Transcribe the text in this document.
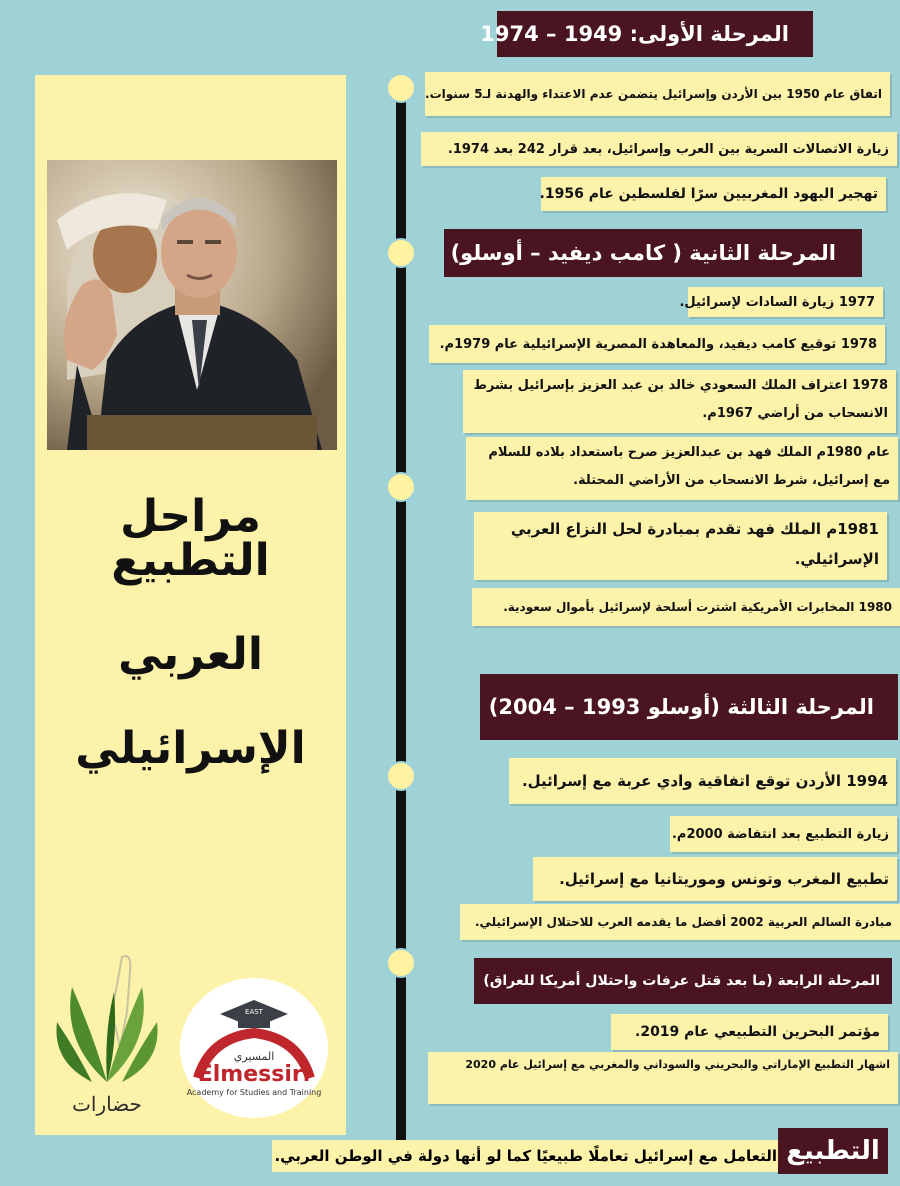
مراحل التطبيع
العربي
الإسرائيلي
حضارات
EAST
المسيري
Elmessiri
Academy for Studies and Training
المرحلة الأولى: 1949 – 1974
المرحلة الثانية ( كامب ديفيد – أوسلو)
المرحلة الثالثة (أوسلو 1993 – 2004)
المرحلة الرابعة (ما بعد قتل عرفات واحتلال أمريكا للعراق)
اتفاق عام 1950 بين الأردن وإسرائيل يتضمن عدم الاعتداء والهدنة لـ5 سنوات.
زيارة الاتصالات السرية بين العرب وإسرائيل، بعد قرار 242 بعد 1974.
تهجير اليهود المغربيين سرًا لفلسطين عام 1956.
1977 زيارة السادات لإسرائيل.
1978 توقيع كامب ديفيد، والمعاهدة المصرية الإسرائيلية عام 1979م.
1978 اعتراف الملك السعودي خالد بن عبد العزيز بإسرائيل بشرط الانسحاب من أراضي 1967م.
عام 1980م الملك فهد بن عبدالعزيز صرح باستعداد بلاده للسلام مع إسرائيل، شرط الانسحاب من الأراضي المحتلة.
1981م الملك فهد تقدم بمبادرة لحل النزاع العربي الإسرائيلي.
1980 المخابرات الأمريكية اشترت أسلحة لإسرائيل بأموال سعودية.
1994 الأردن توقع اتفاقية وادي عربة مع إسرائيل.
زيارة التطبيع بعد انتفاضة 2000م.
تطبيع المغرب وتونس وموريتانيا مع إسرائيل.
مبادرة السالم العربية 2002 أفضل ما يقدمه العرب للاحتلال الإسرائيلي.
مؤتمر البحرين التطبيعي عام 2019.
اشهار التطبيع الإماراتي والبحريني والسوداني والمغربي مع إسرائيل عام 2020
التعامل مع إسرائيل تعاملًا طبيعيًا كما لو أنها دولة في الوطن العربي. التطبيع
